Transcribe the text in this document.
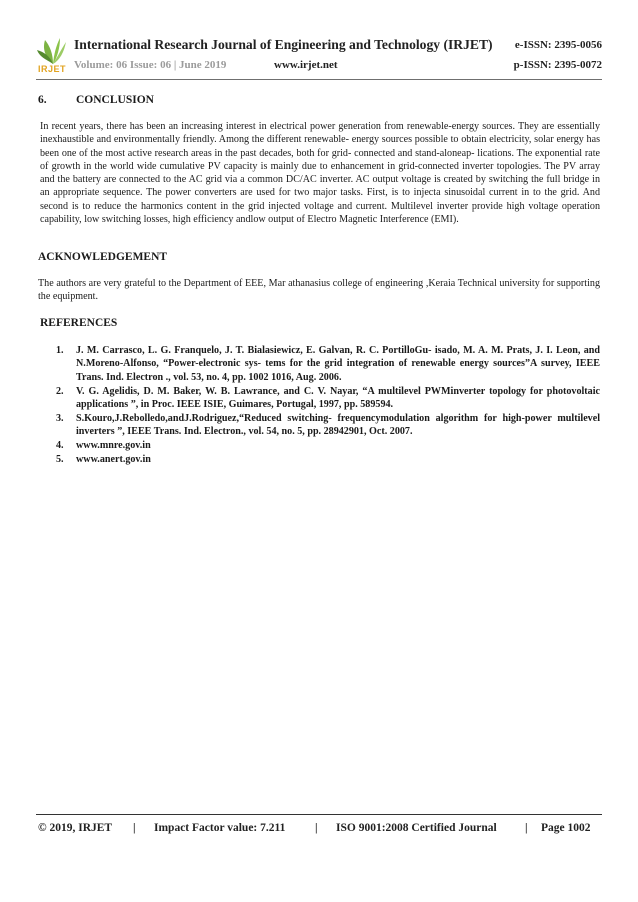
IRJET
International Research Journal of Engineering and Technology (IRJET) e-ISSN: 2395-0056
Volume: 06 Issue: 06 | June 2019	www.irjet.net	p-ISSN: 2395-0072
6.	CONCLUSION
In recent years, there has been an increasing interest in electrical power generation from renewable-energy sources. They are essentially inexhaustible and environmentally friendly. Among the different renewable- energy sources possible to obtain electricity, solar energy has been one of the most active research areas in the past decades, both for grid- connected and stand-aloneap- lications. The exponential rate of growth in the world wide cumulative PV capacity is mainly due to enhancement in grid-connected inverter topologies. The PV array and the battery are connected to the AC grid via a common DC/AC inverter. AC output voltage is created by switching the full bridge in an appropriate sequence. The power converters are used for two major tasks. First, is to injecta sinusoidal current in to the grid. And second is to reduce the harmonics content in the grid injected voltage and current. Multilevel inverter provide high voltage operation capability, low switching losses, high efficiency andlow output of Electro Magnetic Interference (EMI).
ACKNOWLEDGEMENT
The authors are very grateful to the Department of EEE, Mar athanasius college of engineering ,Keraia Technical university for supporting the equipment.
REFERENCES
1. J. M. Carrasco, L. G. Franquelo, J. T. Bialasiewicz, E. Galvan, R. C. PortilloGu- isado, M. A. M. Prats, J. I. Leon, and N.Moreno-Alfonso, “Power-electronic sys- tems for the grid integration of renewable energy sources”A survey, IEEE Trans. Ind. Electron ., vol. 53, no. 4, pp. 1002 1016, Aug. 2006.
2. V. G. Agelidis, D. M. Baker, W. B. Lawrance, and C. V. Nayar, “A multilevel PWMinverter topology for photovoltaic applications ”, in Proc. IEEE ISIE, Guimares, Portugal, 1997, pp. 589594.
3. S.Kouro,J.Rebolledo,andJ.Rodriguez,“Reduced switching- frequencymodulation algorithm for high-power multilevel inverters ”, IEEE Trans. Ind. Electron., vol. 54, no. 5, pp. 28942901, Oct. 2007.
4. www.mnre.gov.in
5. www.anert.gov.in
© 2019, IRJET | Impact Factor value: 7.211	| ISO 9001:2008 Certified Journal | Page 1002
